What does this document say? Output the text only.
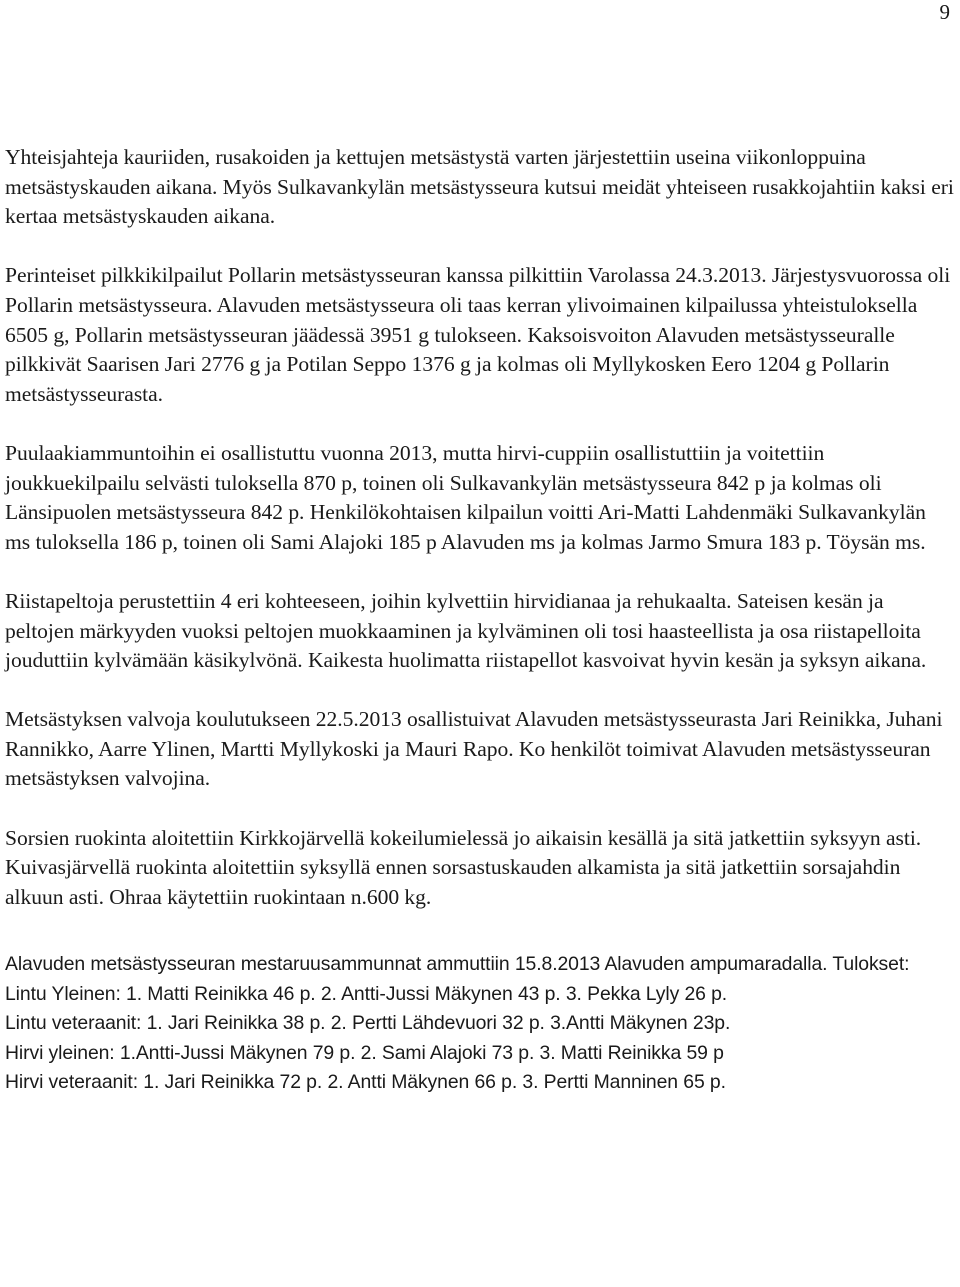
9

Yhteisjahteja kauriiden, rusakoiden ja kettujen metsästystä varten järjestettiin useina viikonloppuina metsästyskauden aikana. Myös Sulkavankylän metsästysseura kutsui meidät yhteiseen rusakkojahtiin kaksi eri kertaa metsästyskauden aikana.

Perinteiset pilkkikilpailut Pollarin metsästysseuran kanssa pilkittiin Varolassa 24.3.2013. Järjestysvuorossa oli Pollarin metsästysseura. Alavuden metsästysseura oli taas kerran ylivoimainen kilpailussa yhteistuloksella 6505 g, Pollarin metsästysseuran jäädessä 3951 g tulokseen. Kaksoisvoiton Alavuden metsästysseuralle pilkkivät Saarisen Jari 2776 g ja Potilan Seppo 1376 g ja kolmas oli Myllykosken Eero 1204 g Pollarin metsästysseurasta.

Puulaakiammuntoihin ei osallistuttu vuonna 2013, mutta hirvi-cuppiin osallistuttiin ja voitettiin joukkuekilpailu selvästi tuloksella 870 p, toinen oli Sulkavankylän metsästysseura 842 p ja kolmas oli Länsipuolen metsästysseura 842 p. Henkilökohtaisen kilpailun voitti Ari-Matti Lahdenmäki Sulkavankylän ms tuloksella 186 p, toinen oli Sami Alajoki 185 p Alavuden ms ja kolmas Jarmo Smura 183 p. Töysän ms.

Riistapeltoja perustettiin 4 eri kohteeseen, joihin kylvettiin hirvidianaa ja rehukaalta. Sateisen kesän ja peltojen märkyyden vuoksi peltojen muokkaaminen ja kylväminen oli tosi haasteellista ja osa riistapelloita jouduttiin kylvämään käsikylvönä. Kaikesta huolimatta riistapellot kasvoivat hyvin kesän ja syksyn aikana.

Metsästyksen valvoja koulutukseen 22.5.2013 osallistuivat Alavuden metsästysseurasta Jari Reinikka, Juhani Rannikko, Aarre Ylinen, Martti Myllykoski ja Mauri Rapo. Ko henkilöt toimivat Alavuden metsästysseuran metsästyksen valvojina.

Sorsien ruokinta aloitettiin Kirkkojärvellä kokeilumielessä jo aikaisin kesällä ja sitä jatkettiin syksyyn asti. Kuivasjärvellä ruokinta aloitettiin syksyllä ennen sorsastuskauden alkamista ja sitä jatkettiin sorsajahdin alkuun asti. Ohraa käytettiin ruokintaan n.600 kg.

Alavuden metsästysseuran mestaruusammunnat ammuttiin 15.8.2013 Alavuden ampumaradalla. Tulokset:
Lintu Yleinen: 1. Matti Reinikka 46 p. 2. Antti-Jussi Mäkynen 43 p. 3. Pekka Lyly 26 p.
Lintu veteraanit: 1. Jari Reinikka 38 p. 2. Pertti Lähdevuori 32 p. 3.Antti Mäkynen 23p.
Hirvi yleinen: 1.Antti-Jussi Mäkynen 79 p. 2. Sami Alajoki 73 p. 3. Matti Reinikka 59 p
Hirvi veteraanit: 1. Jari Reinikka 72 p. 2. Antti Mäkynen 66 p. 3. Pertti Manninen 65 p.
